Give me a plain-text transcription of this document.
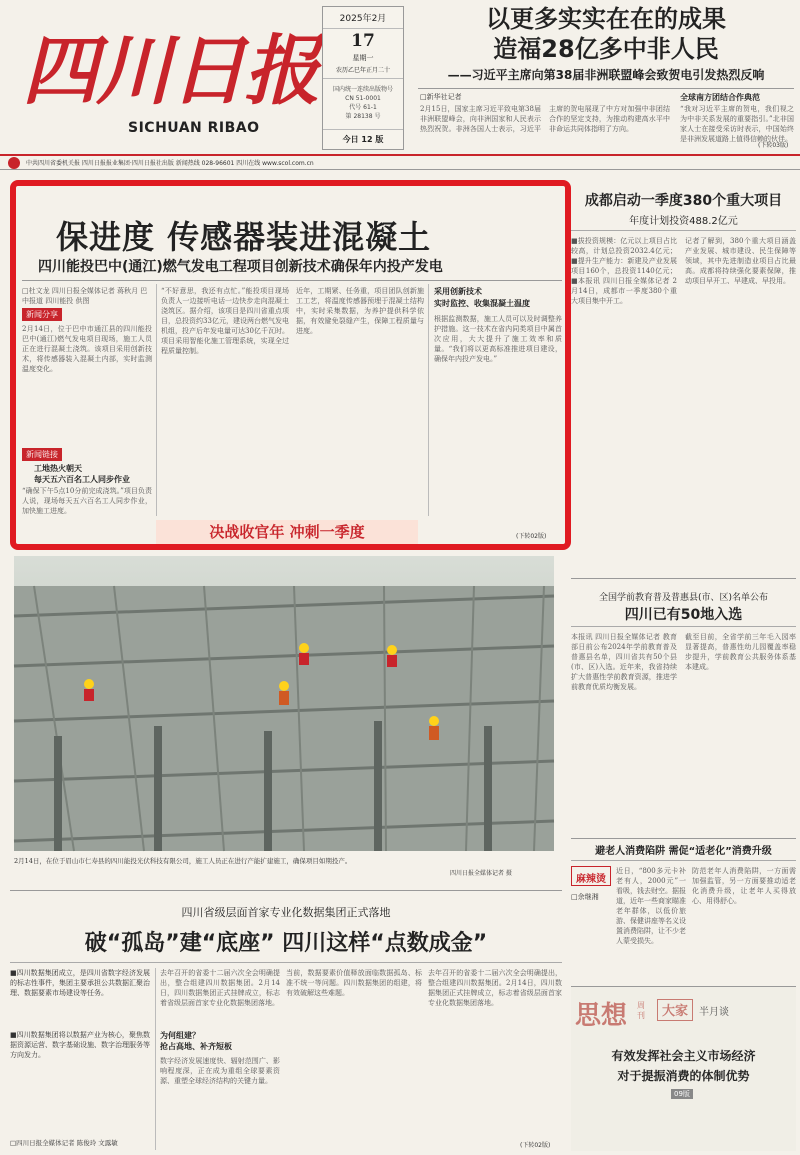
四川日报
SICHUAN RIBAO
2025年2月
17
星期一
农历乙巳年正月二十
国内统一连续出版物号
CN 51-0001
代号 61-1
第 28138 号
今日 12 版
以更多实实在在的成果
造福28亿多中非人民
——习近平主席向第38届非洲联盟峰会致贺电引发热烈反响
□新华社记者
2月15日，国家主席习近平致电第38届非洲联盟峰会，向非洲国家和人民表示热烈祝贺。非洲各国人士表示，习近平主席的贺电展现了中方对加强中非团结合作的坚定支持，为推动构建高水平中非命运共同体指明了方向。
全球南方团结合作典范
“我对习近平主席的贺电，我们视之为中非关系发展的重要指引。”北非国家人士在接受采访时表示，中国始终是非洲发展道路上值得信赖的伙伴。
(下转03版)
中共四川省委机关报 四川日报报业集团·四川日报社出版 新闻热线 028-96601 四川在线 www.scol.com.cn
保进度 传感器装进混凝土
四川能投巴中(通江)燃气发电工程项目创新技术确保年内投产发电
□杜文龙 四川日报全媒体记者 蒋秋月 巴中报道 四川能投 供图
新闻分享
2月14日，位于巴中市通江县的四川能投巴中(通江)燃气发电项目现场，施工人员正在进行混凝土浇筑。该项目采用创新技术，将传感器装入混凝土内部，实时监测温度变化。
新闻链接
工地热火朝天
每天五六百名工人同步作业
“确保下午5点10分前完成浇筑。”项目负责人说，现场每天五六百名工人同步作业，加快施工进度。
“不好意思，我还有点忙。”能投项目现场负责人一边接听电话一边快步走向混凝土浇筑区。据介绍，该项目是四川省重点项目，总投资约33亿元，建设两台燃气发电机组，投产后年发电量可达30亿千瓦时。项目采用智能化施工管理系统，实现全过程质量控制。
近年，工期紧、任务重，项目团队创新施工工艺，将温度传感器预埋于混凝土结构中，实时采集数据，为养护提供科学依据，有效避免裂缝产生，保障工程质量与进度。
采用创新技术
实时监控、收集混凝土温度
根据监测数据，施工人员可以及时调整养护措施。这一技术在省内同类项目中属首次应用，大大提升了施工效率和质量。“我们将以更高标准推进项目建设，确保年内投产发电。”
决战收官年 冲刺一季度	(下转02版)
成都启动一季度380个重大项目
年度计划投资488.2亿元
■拔投资规模：亿元以上项目占比较高，计划总投资2032.4亿元；■提升生产能力：新建及产业发展项目160个，总投资1140亿元；■本报讯 四川日报全媒体记者 2月14日，成都市一季度380个重大项目集中开工。
记者了解到，380个重大项目涵盖产业发展、城市建设、民生保障等领域，其中先进制造业项目占比最高。成都将持续强化要素保障，推动项目早开工、早建成、早投用。
全国学前教育普及普惠县(市、区)名单公布
四川已有50地入选
本报讯 四川日报全媒体记者 教育部日前公布2024年学前教育普及普惠县名单，四川省共有50个县(市、区)入选。近年来，我省持续扩大普惠性学前教育资源，推进学前教育优质均衡发展。
截至目前，全省学前三年毛入园率显著提高，普惠性幼儿园覆盖率稳步提升，学前教育公共服务体系基本建成。
2月14日，在位于眉山市仁寿县的四川能投光伏科技有限公司，施工人员正在进行产能扩建施工，确保项目如期投产。
四川日报全媒体记者 摄
四川省级层面首家专业化数据集团正式落地
破“孤岛”建“底座” 四川这样“点数成金”
■四川数据集团成立，是四川省数字经济发展的标志性事件，集团主要承担公共数据汇聚治理、数据要素市场建设等任务。
■四川数据集团将以数据产业为核心，聚焦数据资源运营、数字基础设施、数字治理服务等方向发力。
□四川日报全媒体记者 陈俊玲 文露敏
去年召开的省委十二届六次全会明确提出，整合组建四川数据集团。2月14日，四川数据集团正式挂牌成立，标志着省级层面首家专业化数据集团落地。
为何组建？
抢占高地、补齐短板
数字经济发展速度快、辐射范围广、影响程度深，正在成为重组全球要素资源、重塑全球经济结构的关键力量。
当前，数据要素价值释放面临数据孤岛、标准不统一等问题。四川数据集团的组建，将有效破解这些难题。
去年召开的省委十二届六次全会明确提出，整合组建四川数据集团。2月14日，四川数据集团正式挂牌成立，标志着省级层面首家专业化数据集团落地。
(下转02版)
避老人消费陷阱 需促“适老化”消费升级
麻辣烫
□余继湘
近日，“800多元卡补老有人，2000元”一看吸，钱去财空。据报道，近年一些商家瞄准老年群体，以低价旅游、保健讲座等名义设置消费陷阱，让不少老人蒙受损失。
防范老年人消费陷阱，一方面需加强监管，另一方面要推动适老化消费升级，让老年人买得放心、用得舒心。
思想 周刊	大家	半月谈
有效发挥社会主义市场经济
对于提振消费的体制优势
09版
